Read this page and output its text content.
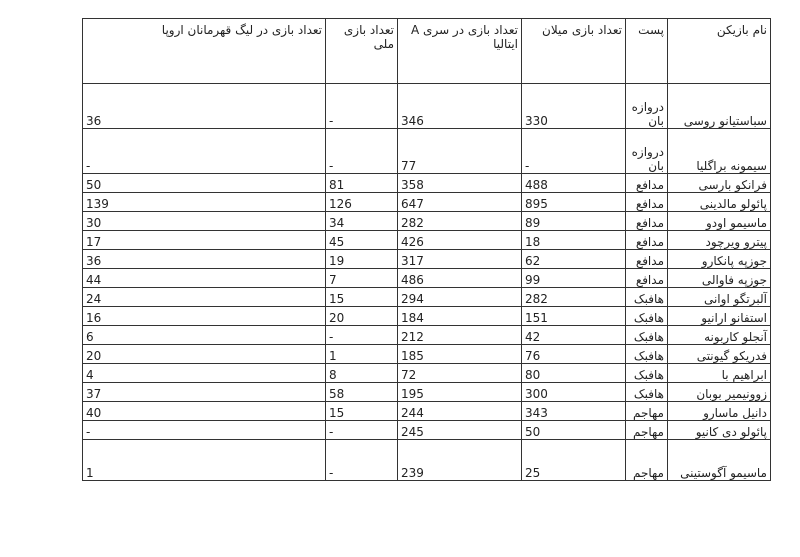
نام بازیکن	پست	تعداد بازی میلان	تعداد بازی در سری A ایتالیا	تعداد بازی ملی	تعداد بازی در لیگ قهرمانان اروپا
سباستیانو روسی	دروازه بان	330	346	-	36
سیمونه براگلیا	دروازه بان	-	77	-	-
فرانکو بارسی	مدافع	488	358	81	50
پائولو مالدینی	مدافع	895	647	126	139
ماسیمو اودو	مدافع	89	282	34	30
پیترو ویرچود	مدافع	18	426	45	17
جوزپه پانکارو	مدافع	62	317	19	36
جوزپه فاوالی	مدافع	99	486	7	44
آلبرتگو اوانی	هافبک	282	294	15	24
استفانو ارانیو	هافبک	151	184	20	16
آنجلو کاربونه	هافبک	42	212	-	6
فدریکو گیونتی	هافبک	76	185	1	20
ابراهیم با	هافبک	80	72	8	4
زوونیمیر بوبان	هافبک	300	195	58	37
دانیل ماسارو	مهاجم	343	244	15	40
پائولو دی کانیو	مهاجم	50	245	-	-
ماسیمو آگوستینی	مهاجم	25	239	-	1
